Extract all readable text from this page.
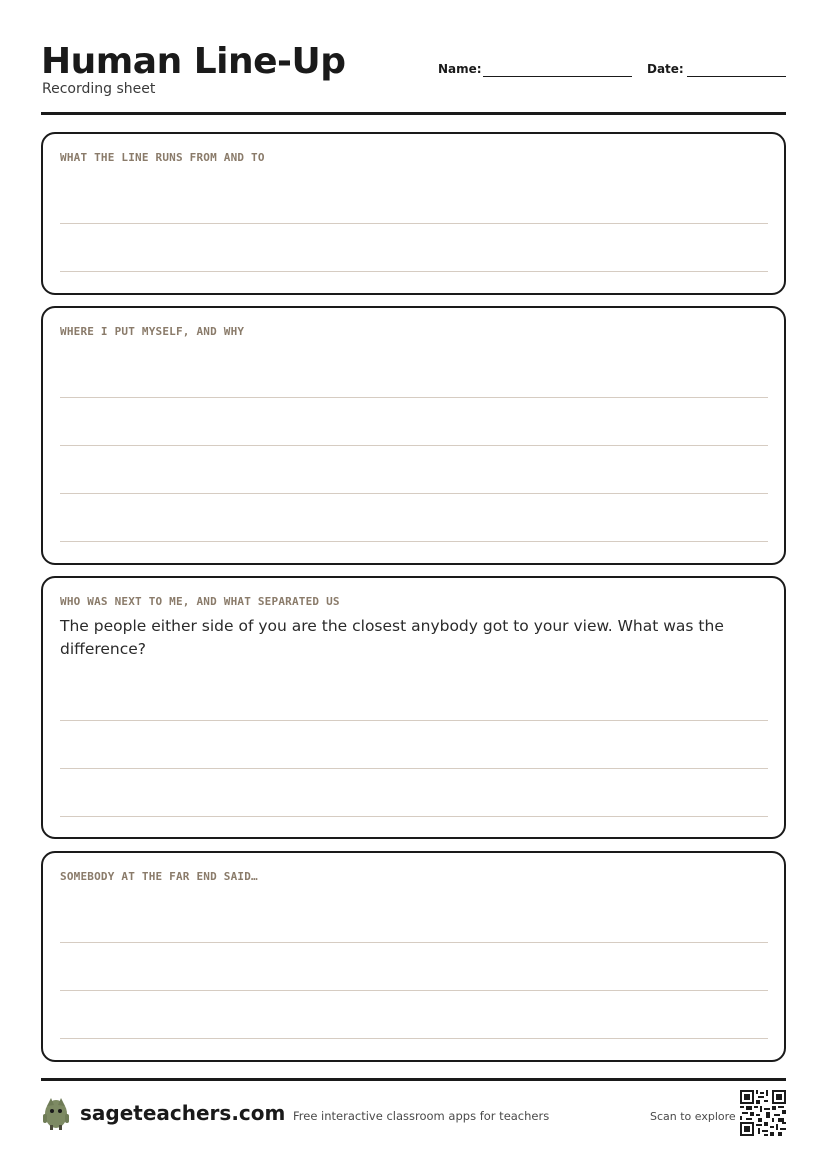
Human Line-Up
Recording sheet
Name:	Date:
WHAT THE LINE RUNS FROM AND TO
WHERE I PUT MYSELF, AND WHY
WHO WAS NEXT TO ME, AND WHAT SEPARATED US
The people either side of you are the closest anybody got to your view. What was the difference?
SOMEBODY AT THE FAR END SAID…
sageteachers.com Free interactive classroom apps for teachers	Scan to explore
